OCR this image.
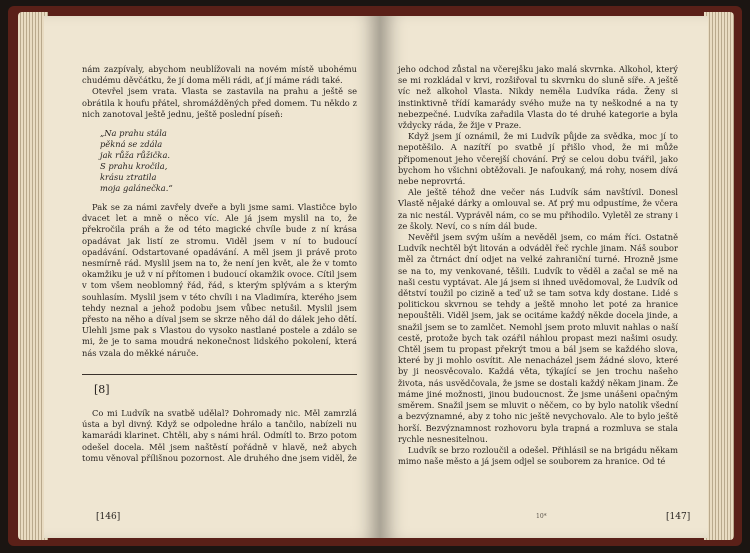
nám zazpívaly, abychom neublížovali na novém místě ubohému chudému děvčátku, že jí doma měli rádi, ať jí máme rádi také.

Otevřel jsem vrata. Vlasta se zastavila na prahu a ještě se obrátila k houfu přátel, shromážděných před domem. Tu někdo z nich zanotoval ještě jednu, ještě poslední píseň:

„Na prahu stála
pěkná se zdála
jak růža růžička.
S prahu kročila,
krásu ztratila
moja galánečka.“

Pak se za námi zavřely dveře a byli jsme sami. Vlastičce bylo dvacet let a mně o něco víc. Ale já jsem myslil na to, že překročila práh a že od této magické chvíle bude z ní krása opadávat jak listí ze stromu. Viděl jsem v ní to budoucí opadávání. Odstartované opadávání. A měl jsem ji právě proto nesmírně rád. Myslil jsem na to, že není jen květ, ale že v tomto okamžiku je už v ní přítomen i budoucí okamžik ovoce. Cítil jsem v tom všem neoblomný řád, řád, s kterým splývám a s kterým souhlasím. Myslil jsem v této chvíli i na Vladimíra, kterého jsem tehdy neznal a jehož podobu jsem vůbec netušil. Myslil jsem přesto na něho a díval jsem se skrze něho dál do dálek jeho dětí. Ulehli jsme pak s Vlastou do vysoko nastlané postele a zdálo se mi, že je to sama moudrá nekonečnost lidského pokolení, která nás vzala do měkké náruče.

[8]

Co mi Ludvík na svatbě udělal? Dohromady nic. Měl zamrzlá ústa a byl divný. Když se odpoledne hrálo a tančilo, nabízeli nu kamarádi klarinet. Chtěli, aby s námi hrál. Odmítl to. Brzo potom odešel docela. Měl jsem naštěstí pořádně v hlavě, než abych tomu věnoval přílišnou pozornost. Ale druhého dne jsem viděl, že

[146]

jeho odchod zůstal na včerejšku jako malá skvrnka. Alkohol, který se mi rozkládal v krvi, rozšiřoval tu skvrnku do sluně síře. A ještě víc než alkohol Vlasta. Nikdy neměla Ludvíka ráda. Ženy si instinktivně třídí kamarády svého muže na ty neškodné a na ty nebezpečné. Ludvíka zařadila Vlasta do té druhé kategorie a byla vždycky ráda, že žije v Praze.

Když jsem jí oznámil, že mi Ludvík půjde za svědka, moc jí to nepotěšilo. A nazítří po svatbě jí přišlo vhod, že mi může připomenout jeho včerejší chování. Prý se celou dobu tvářil, jako bychom ho všichni obtěžovali. Je nafoukaný, má rohy, nosem dívá nebe neprovrtá.

Ale ještě téhož dne večer nás Ludvík sám navštívil. Donesl Vlastě nějaké dárky a omlouval se. Ať prý mu odpustíme, že včera za nic nestál. Vyprávěl nám, co se mu přihodilo. Vyletěl ze strany i ze školy. Neví, co s ním dál bude.

Nevěřil jsem svým uším a nevěděl jsem, co mám říci. Ostatně Ludvík nechtěl být litován a odváděl řeč rychle jinam. Náš soubor měl za čtrnáct dní odjet na velké zahraniční turné. Hrozně jsme se na to, my venkované, těšili. Ludvík to věděl a začal se mě na naši cestu vyptávat. Ale já jsem si ihned uvědomoval, že Ludvík od dětství toužil po cizině a teď už se tam sotva kdy dostane. Lidé s politickou skvrnou se tehdy a ještě mnoho let poté za hranice nepouštěli. Viděl jsem, jak se ocitáme každý někde docela jinde, a snažil jsem se to zamlčet. Nemohl jsem proto mluvit nahlas o naší cestě, protože bych tak ozářil náhlou propast mezi našimi osudy. Chtěl jsem tu propast překrýt tmou a bál jsem se každého slova, které by ji mohlo osvítit. Ale nenacházel jsem žádné slovo, které by ji neosvěcovalo. Každá věta, týkající se jen trochu našeho života, nás usvědčovala, že jsme se dostali každý někam jinam. Že máme jiné možnosti, jinou budoucnost. Že jsme unášeni opačným směrem. Snažil jsem se mluvit o něčem, co by bylo natolik všední a bezvýznamné, aby z toho nic ještě nevychovalo. Ale to bylo ještě horší. Bezvýznamnost rozhovoru byla trapná a rozmluva se stala rychle nesnesitelnou.

Ludvík se brzo rozloučil a odešel. Přihlásil se na brigádu někam mimo naše město a já jsem odjel se souborem za hranice. Od té

10*	[147]
